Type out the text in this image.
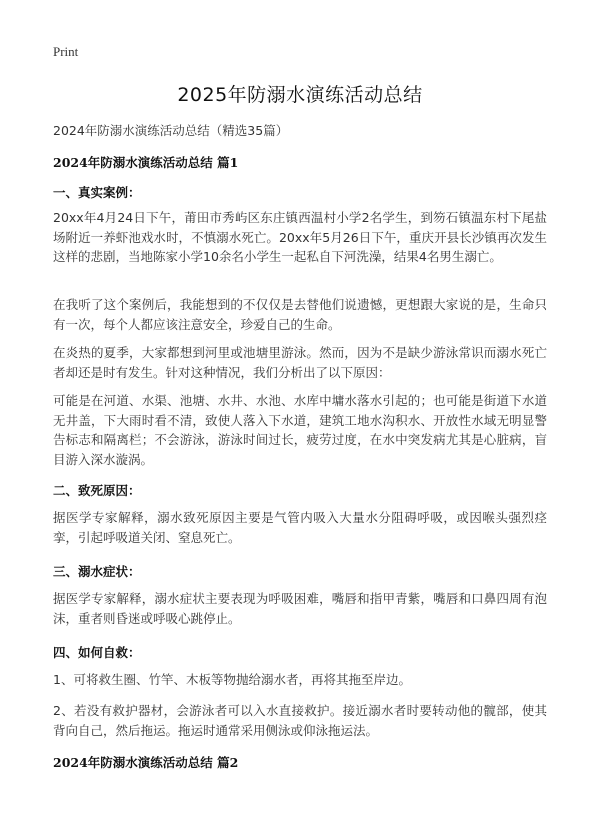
Print
2025年防溺水演练活动总结

2024年防溺水演练活动总结（精选35篇）

2024年防溺水演练活动总结 篇1
一、真实案例：

20xx年4月24日下午，莆田市秀屿区东庄镇西温村小学2名学生，到笏石镇温东村下尾盐场附近一养虾池戏水时，不慎溺水死亡。20xx年5月26日下午，重庆开县长沙镇再次发生这样的悲剧，当地陈家小学10余名小学生一起私自下河洗澡，结果4名男生溺亡。

在我听了这个案例后，我能想到的不仅仅是去替他们说遗憾，更想跟大家说的是，生命只有一次，每个人都应该注意安全，珍爱自己的生命。

在炎热的夏季，大家都想到河里或池塘里游泳。然而，因为不是缺少游泳常识而溺水死亡者却还是时有发生。针对这种情况，我们分析出了以下原因：

可能是在河道、水渠、池塘、水井、水池、水库中墉水落水引起的；也可能是街道下水道无井盖，下大雨时看不清，致使人落入下水道，建筑工地水沟积水、开放性水域无明显警告标志和隔离栏；不会游泳，游泳时间过长，疲劳过度，在水中突发病尤其是心脏病，盲目游入深水漩涡。

二、致死原因：

据医学专家解释，溺水致死原因主要是气管内吸入大量水分阻碍呼吸，或因喉头强烈痉挛，引起呼吸道关闭、窒息死亡。

三、溺水症状：

据医学专家解释，溺水症状主要表现为呼吸困难，嘴唇和指甲青紫，嘴唇和口鼻四周有泡沫，重者则昏迷或呼吸心跳停止。

四、如何自救：

1、可将救生圈、竹竿、木板等物抛给溺水者，再将其拖至岸边。

2、若没有救护器材，会游泳者可以入水直接救护。接近溺水者时要转动他的髋部，使其背向自己，然后拖运。拖运时通常采用侧泳或仰泳拖运法。

2024年防溺水演练活动总结 篇2
